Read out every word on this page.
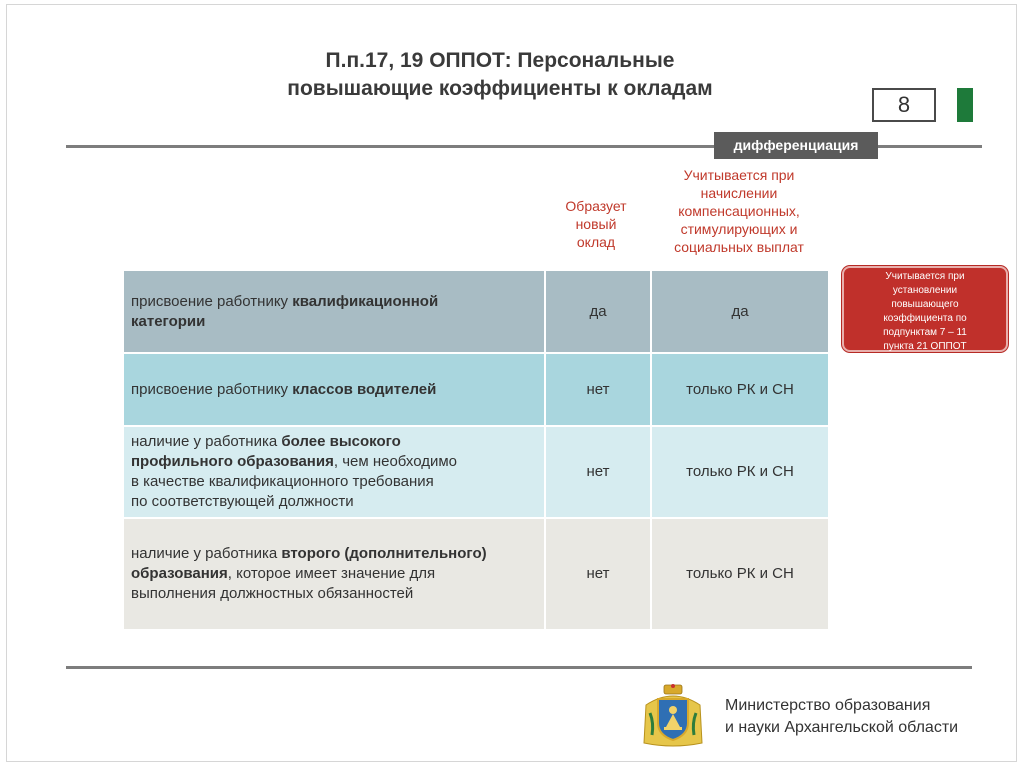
П.п.17, 19 ОППОТ: Персональные
повышающие коэффициенты к окладам
8
дифференциация
Образует
новый
оклад
Учитывается при
начислении
компенсационных,
стимулирующих и
социальных выплат
Учитывается при
установлении
повышающего
коэффициента по
подпунктам 7 – 11
пункта 21 ОППОТ
присвоение работнику квалификационной
категории	да	да

присвоение работнику классов водителей	нет	только РК и СН

наличие у работника более высокого
профильного образования, чем необходимо
в качестве квалификационного требования
по соответствующей должности	нет	только РК и СН

наличие у работника второго (дополнительного)
образования, которое имеет значение для
выполнения должностных обязанностей	нет	только РК и СН
Министерство образования
и науки Архангельской области
